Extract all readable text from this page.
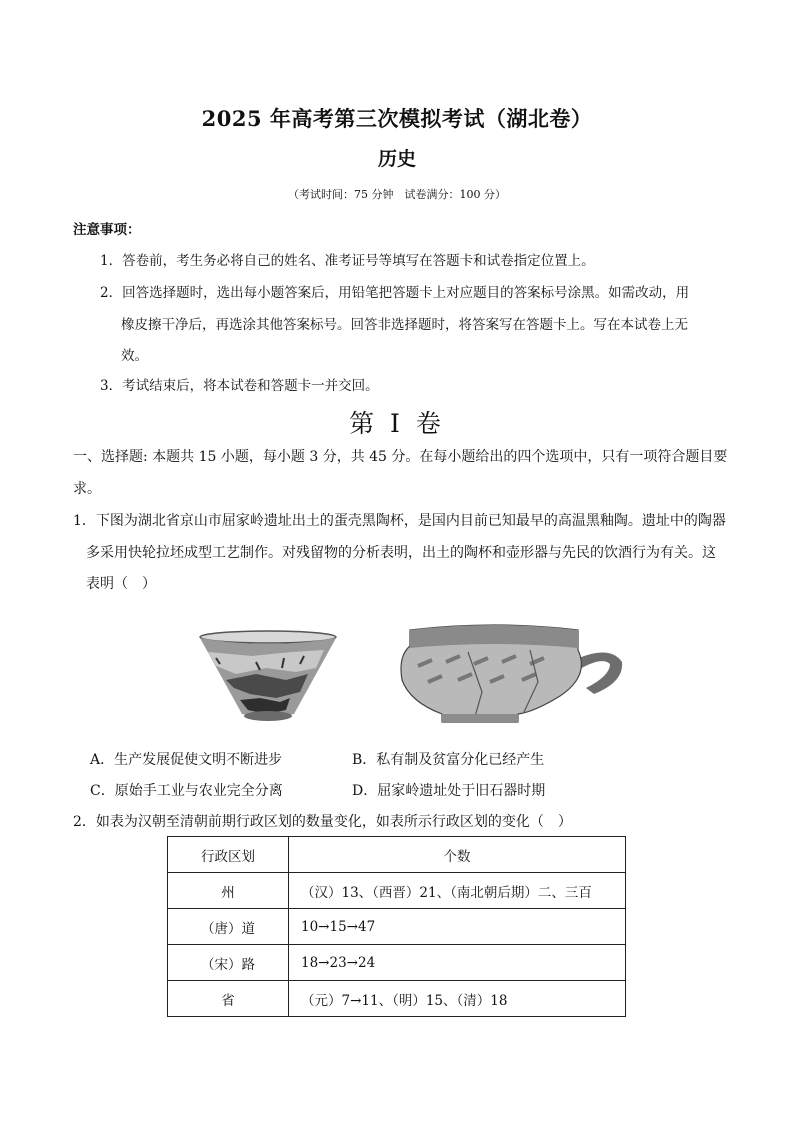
2025 年高考第三次模拟考试（湖北卷）
历史
（考试时间：75 分钟　试卷满分：100 分）
注意事项：
1．答卷前，考生务必将自己的姓名、准考证号等填写在答题卡和试卷指定位置上。
2．回答选择题时，选出每小题答案后，用铅笔把答题卡上对应题目的答案标号涂黑。如需改动，用
橡皮擦干净后，再选涂其他答案标号。回答非选择题时，将答案写在答题卡上。写在本试卷上无
效。
3．考试结束后，将本试卷和答题卡一并交回。
第 I 卷
一、选择题: 本题共 15 小题，每小题 3 分，共 45 分。在每小题给出的四个选项中，只有一项符合题目要
求。
1．下图为湖北省京山市屈家岭遗址出土的蛋壳黑陶杯，是国内目前已知最早的高温黑釉陶。遗址中的陶器
多采用快轮拉坯成型工艺制作。对残留物的分析表明，出土的陶杯和壶形器与先民的饮酒行为有关。这
表明（　）
A．生产发展促使文明不断进步	B．私有制及贫富分化已经产生
C．原始手工业与农业完全分离	D．屈家岭遗址处于旧石器时期
2．如表为汉朝至清朝前期行政区划的数量变化，如表所示行政区划的变化（　）
行政区划	个数
州	（汉）13、（西晋）21、（南北朝后期）二、三百
（唐）道	10→15→47
（宋）路	18→23→24
省	（元）7→11、（明）15、（清）18
